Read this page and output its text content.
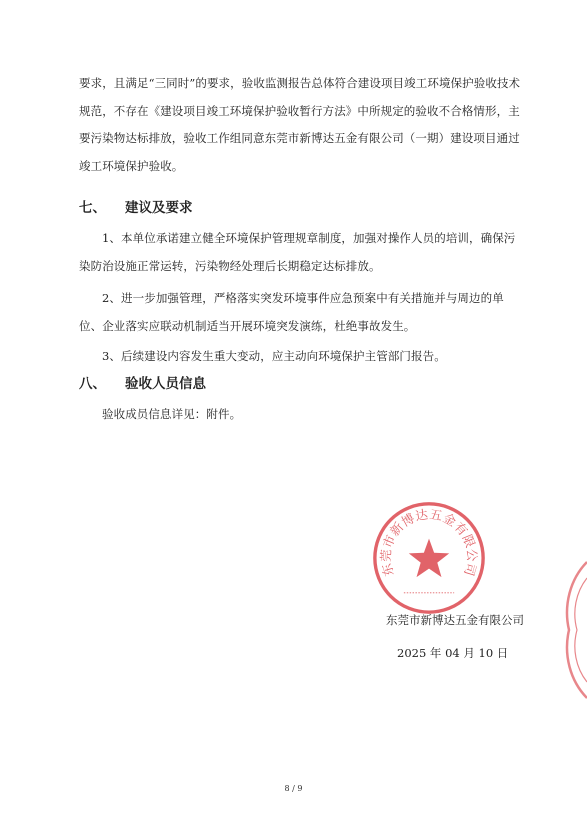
要求，且满足“三同时”的要求，验收监测报告总体符合建设项目竣工环境保护验收技术规范，不存在《建设项目竣工环境保护验收暂行方法》中所规定的验收不合格情形，主要污染物达标排放，验收工作组同意东莞市新博达五金有限公司（一期）建设项目通过竣工环境保护验收。

七、 建议及要求

1、本单位承诺建立健全环境保护管理规章制度，加强对操作人员的培训，确保污染防治设施正常运转，污染物经处理后长期稳定达标排放。

2、进一步加强管理，严格落实突发环境事件应急预案中有关措施并与周边的单位、企业落实应联动机制适当开展环境突发演练，杜绝事故发生。

3、后续建设内容发生重大变动，应主动向环境保护主管部门报告。

八、 验收人员信息

验收成员信息详见：附件。

东莞市新博达五金有限公司
东莞市新博达五金有限公司
2025 年 04 月 10 日
8 / 9
